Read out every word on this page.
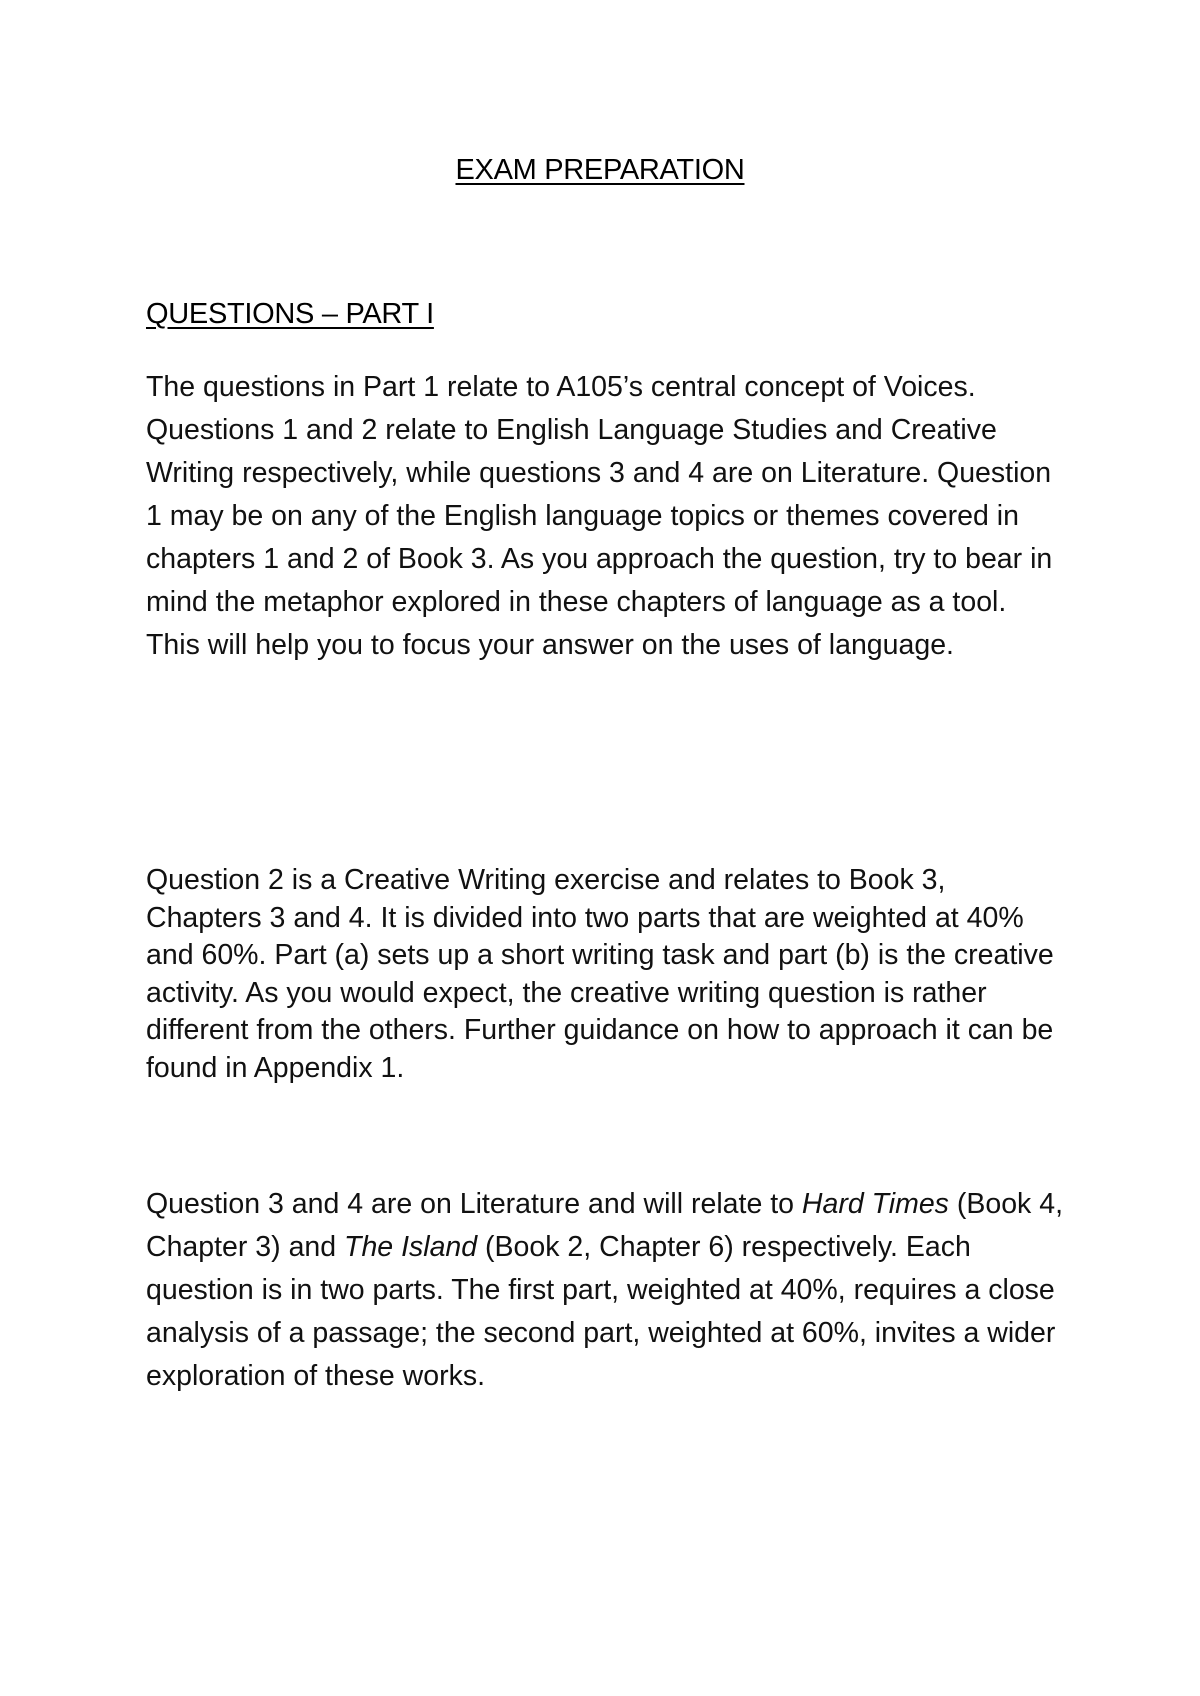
EXAM PREPARATION
QUESTIONS – PART I

The questions in Part 1 relate to A105’s central concept of Voices. Questions 1 and 2 relate to English Language Studies and Creative Writing respectively, while questions 3 and 4 are on Literature. Question 1 may be on any of the English language topics or themes covered in chapters 1 and 2 of Book 3. As you approach the question, try to bear in mind the metaphor explored in these chapters of language as a tool. This will help you to focus your answer on the uses of language.

Question 2 is a Creative Writing exercise and relates to Book 3, Chapters 3 and 4. It is divided into two parts that are weighted at 40% and 60%. Part (a) sets up a short writing task and part (b) is the creative activity. As you would expect, the creative writing question is rather different from the others. Further guidance on how to approach it can be found in Appendix 1.

Question 3 and 4 are on Literature and will relate to Hard Times (Book 4, Chapter 3) and The Island (Book 2, Chapter 6) respectively. Each question is in two parts. The first part, weighted at 40%, requires a close analysis of a passage; the second part, weighted at 60%, invites a wider exploration of these works.
